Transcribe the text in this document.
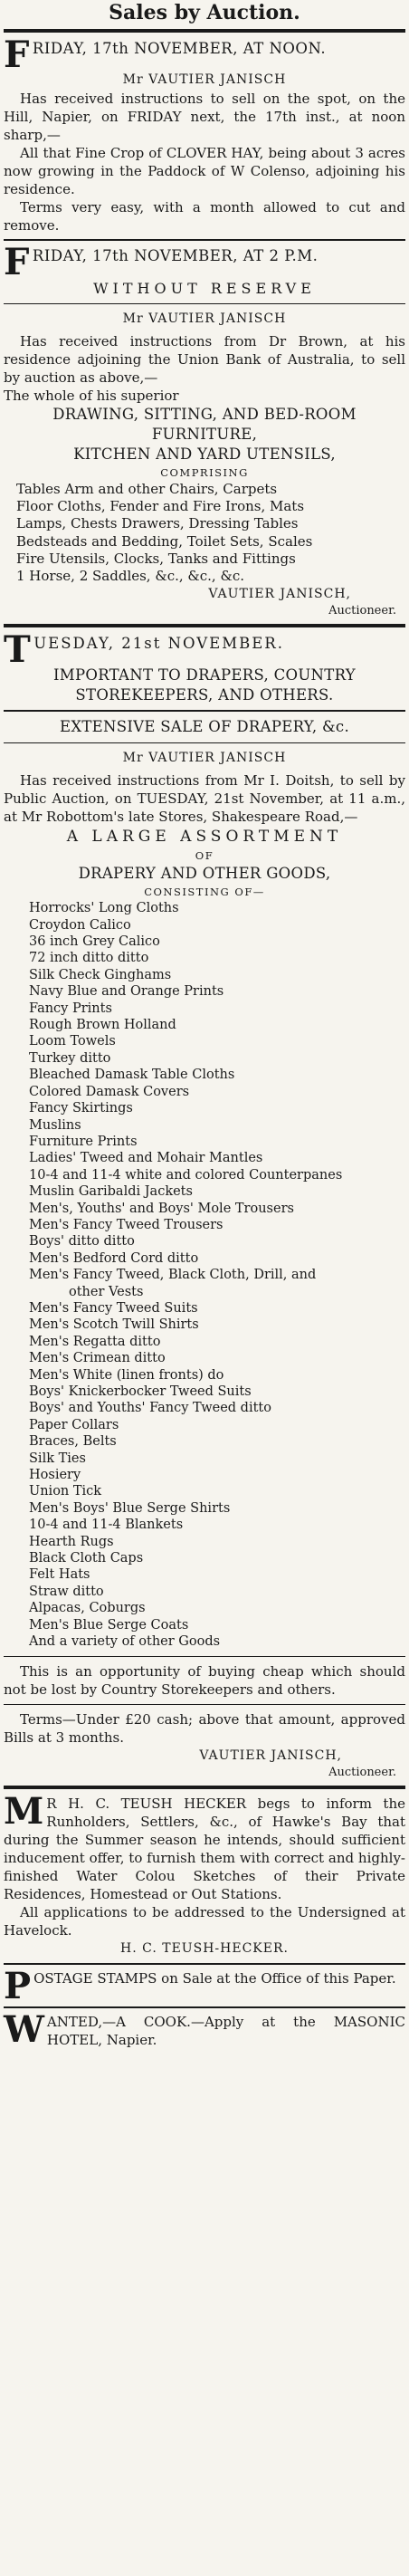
Sales by Auction.
F RIDAY, 17th NOVEMBER, AT NOON.
Mr VAUTIER JANISCH

Has received instructions to sell on the spot, on the Hill, Napier, on FRIDAY next, the 17th inst., at noon sharp,—

All that Fine Crop of CLOVER HAY, being about 3 acres now growing in the Paddock of W Colenso, adjoining his residence.

Terms very easy, with a month allowed to cut and remove.

F RIDAY, 17th NOVEMBER, AT 2 P.M.
WITHOUT RESERVE
Mr VAUTIER JANISCH

Has received instructions from Dr Brown, at his residence adjoining the Union Bank of Australia, to sell by auction as above,—

The whole of his superior
DRAWING, SITTING, AND BED-ROOM
FURNITURE,
KITCHEN AND YARD UTENSILS,
COMPRISING
Tables Arm and other Chairs, Carpets
Floor Cloths, Fender and Fire Irons, Mats
Lamps, Chests Drawers, Dressing Tables
Bedsteads and Bedding, Toilet Sets, Scales
Fire Utensils, Clocks, Tanks and Fittings
1 Horse, 2 Saddles, &c., &c., &c.
VAUTIER JANISCH,
Auctioneer.
T UESDAY, 21st NOVEMBER.
IMPORTANT TO DRAPERS, COUNTRY
STOREKEEPERS, AND OTHERS.
EXTENSIVE SALE OF DRAPERY, &c.
Mr VAUTIER JANISCH

Has received instructions from Mr I. Doitsh, to sell by Public Auction, on TUESDAY, 21st November, at 11 a.m., at Mr Robottom's late Stores, Shakespeare Road,—

A LARGE ASSORTMENT
OF
DRAPERY AND OTHER GOODS,
CONSISTING OF—
Horrocks' Long Cloths
Croydon Calico
36 inch Grey Calico
72 inch ditto ditto
Silk Check Ginghams
Navy Blue and Orange Prints
Fancy Prints
Rough Brown Holland
Loom Towels
Turkey ditto
Bleached Damask Table Cloths
Colored Damask Covers
Fancy Skirtings
Muslins
Furniture Prints
Ladies' Tweed and Mohair Mantles
10-4 and 11-4 white and colored Counterpanes
Muslin Garibaldi Jackets
Men's, Youths' and Boys' Mole Trousers
Men's Fancy Tweed Trousers
Boys' ditto ditto
Men's Bedford Cord ditto
Men's Fancy Tweed, Black Cloth, Drill, and
other Vests
Men's Fancy Tweed Suits
Men's Scotch Twill Shirts
Men's Regatta ditto
Men's Crimean ditto
Men's White (linen fronts) do
Boys' Knickerbocker Tweed Suits
Boys' and Youths' Fancy Tweed ditto
Paper Collars
Braces, Belts
Silk Ties
Hosiery
Union Tick
Men's Boys' Blue Serge Shirts
10-4 and 11-4 Blankets
Hearth Rugs
Black Cloth Caps
Felt Hats
Straw ditto
Alpacas, Coburgs
Men's Blue Serge Coats
And a variety of other Goods

This is an opportunity of buying cheap which should not be lost by Country Storekeepers and others.

Terms—Under £20 cash; above that amount, approved Bills at 3 months.

VAUTIER JANISCH,
Auctioneer.

M R H. C. TEUSH HECKER begs to inform the Runholders, Settlers, &c., of Hawke's Bay that during the Summer season he intends, should sufficient inducement offer, to furnish them with correct and highly-finished Water Colou Sketches of their Private Residences, Homestead or Out Stations.

All applications to be addressed to the Undersigned at Havelock.

H. C. TEUSH-HECKER.

P OSTAGE STAMPS on Sale at the Office of this Paper.

W ANTED,—A COOK.—Apply at the MASONIC HOTEL, Napier.
